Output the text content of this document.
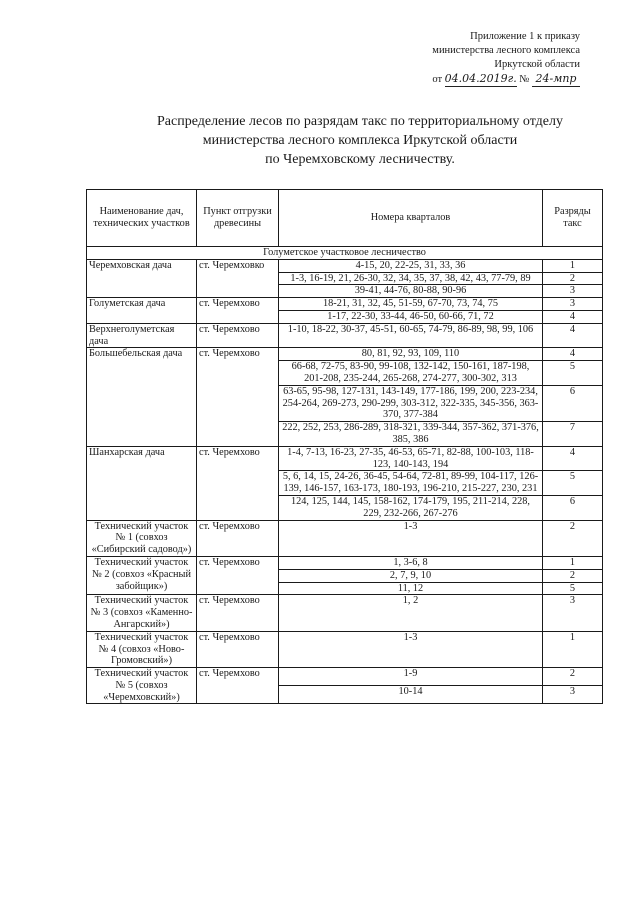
Приложение 1 к приказу
министерства лесного комплекса
Иркутской области
от 04.04.2019г. № 24-мпр
Распределение лесов по разрядам такс по территориальному отделу
министерства лесного комплекса Иркутской области
по Черемховскому лесничеству.
Наименование дач, технических участков	Пункт отгрузки древесины	Номера кварталов	Разряды такс
Голуметское участковое лесничество			
Черемховская дача	ст. Черемховко	4-15, 20, 22-25, 31, 33, 36	1
		1-3, 16-19, 21, 26-30, 32, 34, 35, 37, 38, 42, 43, 77-79, 89	2
		39-41, 44-76, 80-88, 90-96	3
Голуметская дача	ст. Черемхово	18-21, 31, 32, 45, 51-59, 67-70, 73, 74, 75	3
		1-17, 22-30, 33-44, 46-50, 60-66, 71, 72	4
Верхнеголуметская дача	ст. Черемхово	1-10, 18-22, 30-37, 45-51, 60-65, 74-79, 86-89, 98, 99, 106	4
Большебельская дача	ст. Черемхово	80, 81, 92, 93, 109, 110	4
		66-68, 72-75, 83-90, 99-108, 132-142, 150-161, 187-198, 201-208, 235-244, 265-268, 274-277, 300-302, 313	5
		63-65, 95-98, 127-131, 143-149, 177-186, 199, 200, 223-234, 254-264, 269-273, 290-299, 303-312, 322-335, 345-356, 363-370, 377-384	6
		222, 252, 253, 286-289, 318-321, 339-344, 357-362, 371-376, 385, 386	7
Шанхарская дача	ст. Черемхово	1-4, 7-13, 16-23, 27-35, 46-53, 65-71, 82-88, 100-103, 118-123, 140-143, 194	4
		5, 6, 14, 15, 24-26, 36-45, 54-64, 72-81, 89-99, 104-117, 126-139, 146-157, 163-173, 180-193, 196-210, 215-227, 230, 231	5
		124, 125, 144, 145, 158-162, 174-179, 195, 211-214, 228, 229, 232-266, 267-276	6
Технический участок № 1 (совхоз «Сибирский садовод»)	ст. Черемхово	1-3	2
Технический участок № 2 (совхоз «Красный забойщик»)	ст. Черемхово	1, 3-6, 8	1
		2, 7, 9, 10	2
		11, 12	5
Технический участок № 3 (совхоз «Каменно-Ангарский»)	ст. Черемхово	1, 2	3
Технический участок № 4 (совхоз «Ново-Громовский»)	ст. Черемхово	1-3	1
Технический участок № 5 (совхоз «Черемховский»)	ст. Черемхово	1-9	2
		10-14	3
